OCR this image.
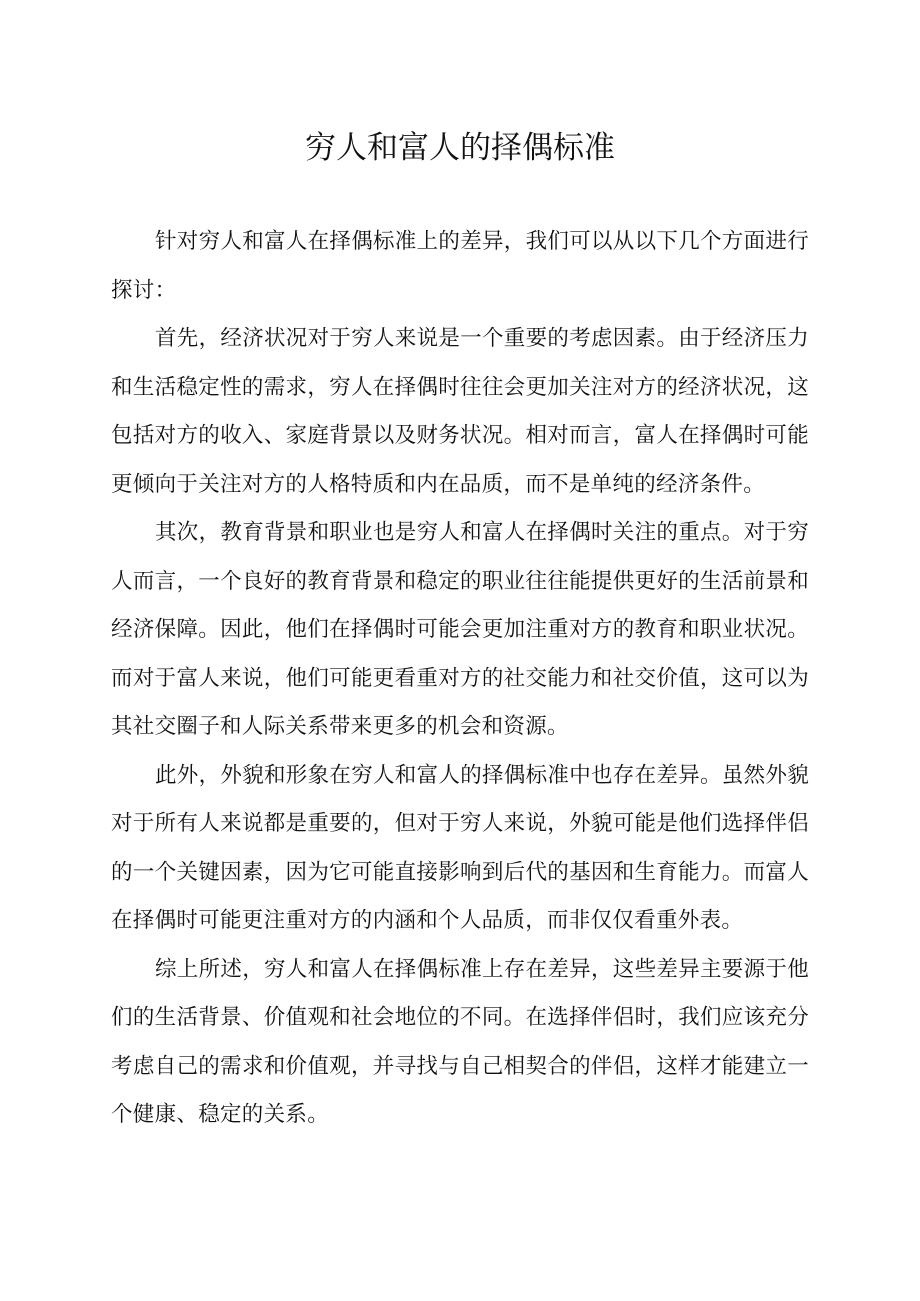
穷人和富人的择偶标准

针对穷人和富人在择偶标准上的差异，我们可以从以下几个方面进行探讨：

首先，经济状况对于穷人来说是一个重要的考虑因素。由于经济压力和生活稳定性的需求，穷人在择偶时往往会更加关注对方的经济状况，这包括对方的收入、家庭背景以及财务状况。相对而言，富人在择偶时可能更倾向于关注对方的人格特质和内在品质，而不是单纯的经济条件。

其次，教育背景和职业也是穷人和富人在择偶时关注的重点。对于穷人而言，一个良好的教育背景和稳定的职业往往能提供更好的生活前景和经济保障。因此，他们在择偶时可能会更加注重对方的教育和职业状况。而对于富人来说，他们可能更看重对方的社交能力和社交价值，这可以为其社交圈子和人际关系带来更多的机会和资源。

此外，外貌和形象在穷人和富人的择偶标准中也存在差异。虽然外貌对于所有人来说都是重要的，但对于穷人来说，外貌可能是他们选择伴侣的一个关键因素，因为它可能直接影响到后代的基因和生育能力。而富人在择偶时可能更注重对方的内涵和个人品质，而非仅仅看重外表。

综上所述，穷人和富人在择偶标准上存在差异，这些差异主要源于他们的生活背景、价值观和社会地位的不同。在选择伴侣时，我们应该充分考虑自己的需求和价值观，并寻找与自己相契合的伴侣，这样才能建立一个健康、稳定的关系。
